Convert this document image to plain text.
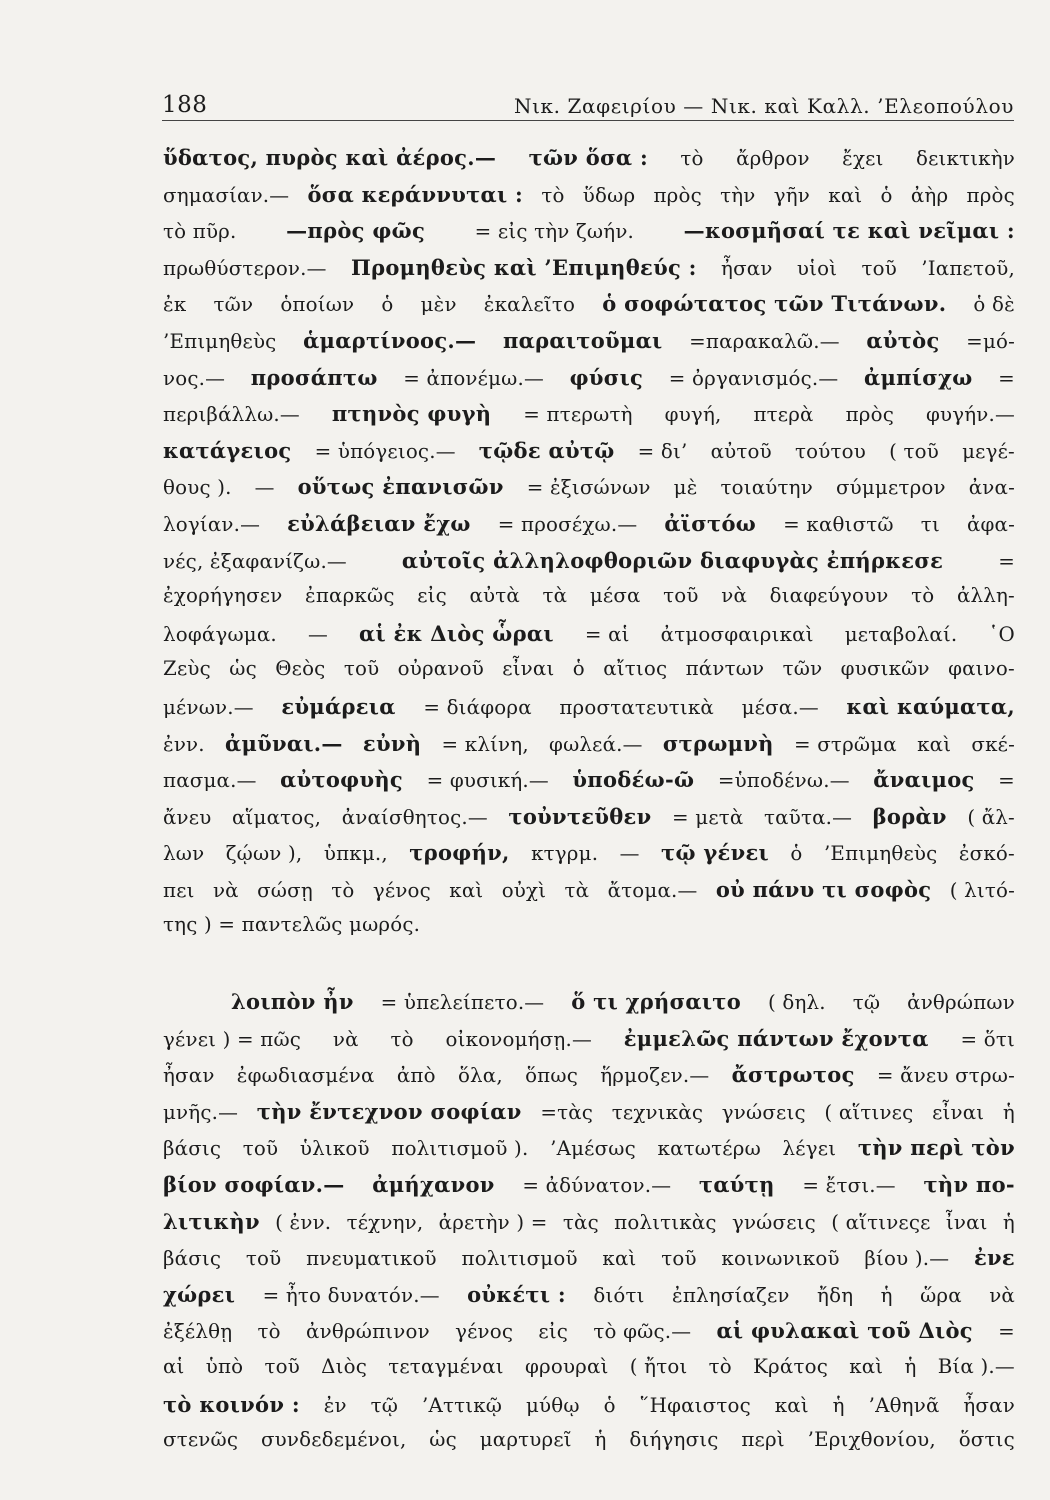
188	Νικ. Ζαφειρίου — Νικ. καὶ Καλλ. ’Ελεοπούλου
ὕδατος, πυρὸς καὶ ἀέρος.— τῶν ὅσα : τὸ ἄρθρον ἔχει δεικτικὴν
σημασίαν.— ὅσα κεράννυται : τὸ ὕδωρ πρὸς τὴν γῆν καὶ ὁ ἀὴρ πρὸς
τὸ πῦρ. —πρὸς φῶς	= εἰς τὴν ζωήν. —κοσμῆσαί τε καὶ νεῖμαι :
πρωθύστερον.— Προμηθεὺς καὶ ’Επιμηθεύς : ἦσαν υἱοὶ τοῦ ’Ιαπετοῦ,
ἐκ τῶν ὁποίων ὁ μὲν ἐκαλεῖτο ὁ σοφώτατος τῶν Τιτάνων. ὁ δὲ
’Επιμηθεὺς ἁμαρτίνοος.— παραιτοῦμαι =παρακαλῶ.— αὐτὸς =μό-
νος.— προσάπτω = ἀπονέμω.— φύσις = ὀργανισμός.— ἀμπίσχω =
περιβάλλω.— πτηνὸς φυγὴ = πτερωτὴ φυγή, πτερὰ πρὸς φυγήν.—
κατάγειος = ὑπόγειος.— τῷδε αὐτῷ = δι’ αὐτοῦ τούτου ( τοῦ μεγέ-
θους ). — οὕτως ἐπανισῶν = ἐξισώνων μὲ τοιαύτην σύμμετρον ἀνα-
λογίαν.— εὐλάβειαν ἔχω = προσέχω.— ἀϊστόω = καθιστῶ τι ἀφα-
νές, ἐξαφανίζω.—	αὐτοῖς ἀλληλοφθοριῶν διαφυγὰς ἐπήρκεσε	=
ἐχορήγησεν ἐπαρκῶς εἰς αὐτὰ τὰ μέσα τοῦ νὰ διαφεύγουν τὸ ἀλλη-
λοφάγωμα. — αἱ ἐκ Διὸς ὧραι = αἱ ἀτμοσφαιρικαὶ μεταβολαί. ῾Ο
Ζεὺς ὡς Θεὸς τοῦ οὐρανοῦ εἶναι ὁ αἴτιος πάντων τῶν φυσικῶν φαινο-
μένων.— εὐμάρεια = διάφορα προστατευτικὰ μέσα.— καὶ καύματα,
ἐνν. ἀμῦναι.— εὐνὴ = κλίνη, φωλεά.— στρωμνὴ = στρῶμα καὶ σκέ-
πασμα.— αὐτοφυὴς = φυσική.— ὑποδέω-ῶ =ὑποδένω.— ἄναιμος =
ἄνευ αἵματος, ἀναίσθητος.— τοὐντεῦθεν = μετὰ ταῦτα.— βορὰν ( ἄλ-
λων ζῴων ), ὑπκμ., τροφήν, κτγρμ. — τῷ γένει ὁ ’Επιμηθεὺς ἐσκό-
πει νὰ σώσῃ τὸ γένος καὶ οὐχὶ τὰ ἄτομα.— οὐ πάνυ τι σοφὸς ( λιτό-
της ) = παντελῶς μωρός.
λοιπὸν ἦν = ὑπελείπετο.— ὅ τι χρήσαιτο ( δηλ. τῷ ἀνθρώπων
γένει ) = πῶς νὰ τὸ οἰκονομήσῃ.— ἐμμελῶς πάντων ἔχοντα = ὅτι
ἦσαν ἐφωδιασμένα ἀπὸ ὅλα, ὅπως ἥρμοζεν.— ἄστρωτος = ἄνευ στρω-
μνῆς.— τὴν ἔντεχνον σοφίαν =τὰς τεχνικὰς γνώσεις ( αἵτινες εἶναι ἡ
βάσις τοῦ ὑλικοῦ πολιτισμοῦ ). ’Αμέσως κατωτέρω λέγει τὴν περὶ τὸν
βίον σοφίαν.— ἀμήχανον = ἀδύνατον.— ταύτῃ = ἔτσι.— τὴν πο-
λιτικὴν ( ἐνν. τέχνην, ἀρετὴν ) = τὰς πολιτικὰς γνώσεις ( αἵτινεςε ἶναι ἡ
βάσις τοῦ πνευματικοῦ πολιτισμοῦ καὶ τοῦ κοινωνικοῦ βίου ).— ἐνε
χώρει = ἦτο δυνατόν.— οὐκέτι : διότι ἐπλησίαζεν ἤδη ἡ ὥρα νὰ
ἐξέλθῃ τὸ ἀνθρώπινον γένος εἰς τὸ φῶς.— αἱ φυλακαὶ τοῦ Διὸς =
αἱ ὑπὸ τοῦ Διὸς τεταγμέναι φρουραὶ ( ἤτοι τὸ Κράτος καὶ ἡ Βία ).—
τὸ κοινόν : ἐν τῷ ’Αττικῷ μύθῳ ὁ ῞Ηφαιστος καὶ ἡ ’Αθηνᾶ ἦσαν
στενῶς συνδεδεμένοι, ὡς μαρτυρεῖ ἡ διήγησις περὶ ’Εριχθονίου, ὅστις
